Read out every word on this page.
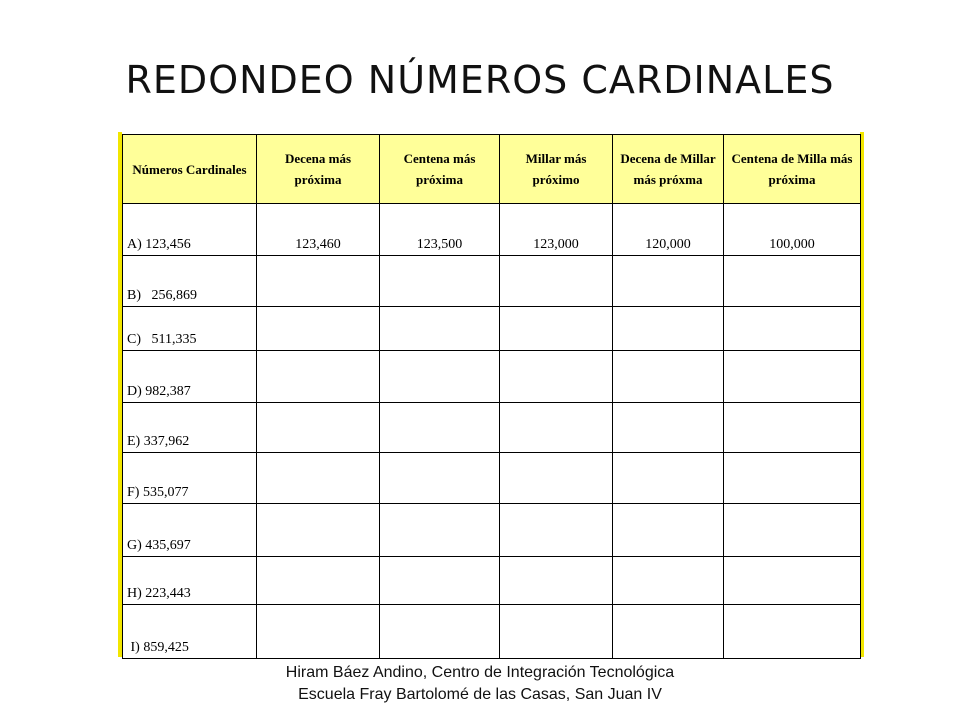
REDONDEO NÚMEROS CARDINALES
Números Cardinales	Decena más próxima	Centena más próxima	Millar más próximo	Decena de Millar más próxma	Centena de Milla más próxima
A) 123,456	123,460	123,500	123,000	120,000	100,000
B)   256,869					
C)   511,335					
D) 982,387					
E) 337,962					
F) 535,077					
G) 435,697					
H) 223,443					
I) 859,425					
Hiram Báez Andino, Centro de Integración Tecnológica
Escuela Fray Bartolomé de las Casas, San Juan IV
